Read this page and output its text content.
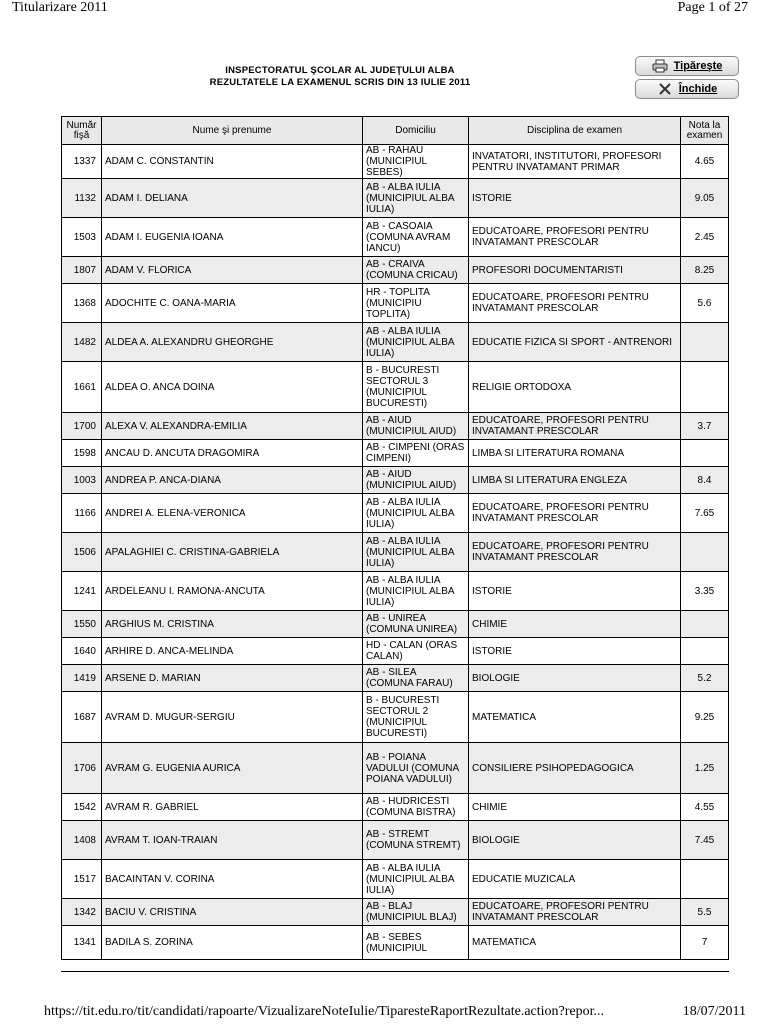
Titularizare 2011	Page 1 of 27
INSPECTORATUL ŞCOLAR AL JUDEŢULUI ALBA
REZULTATELE LA EXAMENUL SCRIS DIN 13 IULIE 2011
Tipăreşte
Închide
Număr fişă	Nume şi prenume	Domiciliu	Disciplina de examen	Nota la examen
1337	ADAM C. CONSTANTIN	AB - RAHAU (MUNICIPIUL SEBES)	INVATATORI, INSTITUTORI, PROFESORI PENTRU INVATAMANT PRIMAR	4.65
1132	ADAM I. DELIANA	AB - ALBA IULIA (MUNICIPIUL ALBA IULIA)	ISTORIE	9.05
1503	ADAM I. EUGENIA IOANA	AB - CASOAIA (COMUNA AVRAM IANCU)	EDUCATOARE, PROFESORI PENTRU INVATAMANT PRESCOLAR	2.45
1807	ADAM V. FLORICA	AB - CRAIVA (COMUNA CRICAU)	PROFESORI DOCUMENTARISTI	8.25
1368	ADOCHITE C. OANA-MARIA	HR - TOPLITA (MUNICIPIU TOPLITA)	EDUCATOARE, PROFESORI PENTRU INVATAMANT PRESCOLAR	5.6
1482	ALDEA A. ALEXANDRU GHEORGHE	AB - ALBA IULIA (MUNICIPIUL ALBA IULIA)	EDUCATIE FIZICA SI SPORT - ANTRENORI	
1661	ALDEA O. ANCA DOINA	B - BUCURESTI SECTORUL 3 (MUNICIPIUL BUCURESTI)	RELIGIE ORTODOXA	
1700	ALEXA V. ALEXANDRA-EMILIA	AB - AIUD (MUNICIPIUL AIUD)	EDUCATOARE, PROFESORI PENTRU INVATAMANT PRESCOLAR	3.7
1598	ANCAU D. ANCUTA DRAGOMIRA	AB - CIMPENI (ORAS CIMPENI)	LIMBA SI LITERATURA ROMANA	
1003	ANDREA P. ANCA-DIANA	AB - AIUD (MUNICIPIUL AIUD)	LIMBA SI LITERATURA ENGLEZA	8.4
1166	ANDREI A. ELENA-VERONICA	AB - ALBA IULIA (MUNICIPIUL ALBA IULIA)	EDUCATOARE, PROFESORI PENTRU INVATAMANT PRESCOLAR	7.65
1506	APALAGHIEI C. CRISTINA-GABRIELA	AB - ALBA IULIA (MUNICIPIUL ALBA IULIA)	EDUCATOARE, PROFESORI PENTRU INVATAMANT PRESCOLAR	
1241	ARDELEANU I. RAMONA-ANCUTA	AB - ALBA IULIA (MUNICIPIUL ALBA IULIA)	ISTORIE	3.35
1550	ARGHIUS M. CRISTINA	AB - UNIREA (COMUNA UNIREA)	CHIMIE	
1640	ARHIRE D. ANCA-MELINDA	HD - CALAN (ORAS CALAN)	ISTORIE	
1419	ARSENE D. MARIAN	AB - SILEA (COMUNA FARAU)	BIOLOGIE	5.2
1687	AVRAM D. MUGUR-SERGIU	B - BUCURESTI SECTORUL 2 (MUNICIPIUL BUCURESTI)	MATEMATICA	9.25
1706	AVRAM G. EUGENIA AURICA	AB - POIANA VADULUI (COMUNA POIANA VADULUI)	CONSILIERE PSIHOPEDAGOGICA	1.25
1542	AVRAM R. GABRIEL	AB - HUDRICESTI (COMUNA BISTRA)	CHIMIE	4.55
1408	AVRAM T. IOAN-TRAIAN	AB - STREMT (COMUNA STREMT)	BIOLOGIE	7.45
1517	BACAINTAN V. CORINA	AB - ALBA IULIA (MUNICIPIUL ALBA IULIA)	EDUCATIE MUZICALA	
1342	BACIU V. CRISTINA	AB - BLAJ (MUNICIPIUL BLAJ)	EDUCATOARE, PROFESORI PENTRU INVATAMANT PRESCOLAR	5.5
1341	BADILA S. ZORINA	AB - SEBES (MUNICIPIUL	MATEMATICA	7
https://tit.edu.ro/tit/candidati/rapoarte/VizualizareNoteIulie/TiparesteRaportRezultate.action?repor...	18/07/2011
